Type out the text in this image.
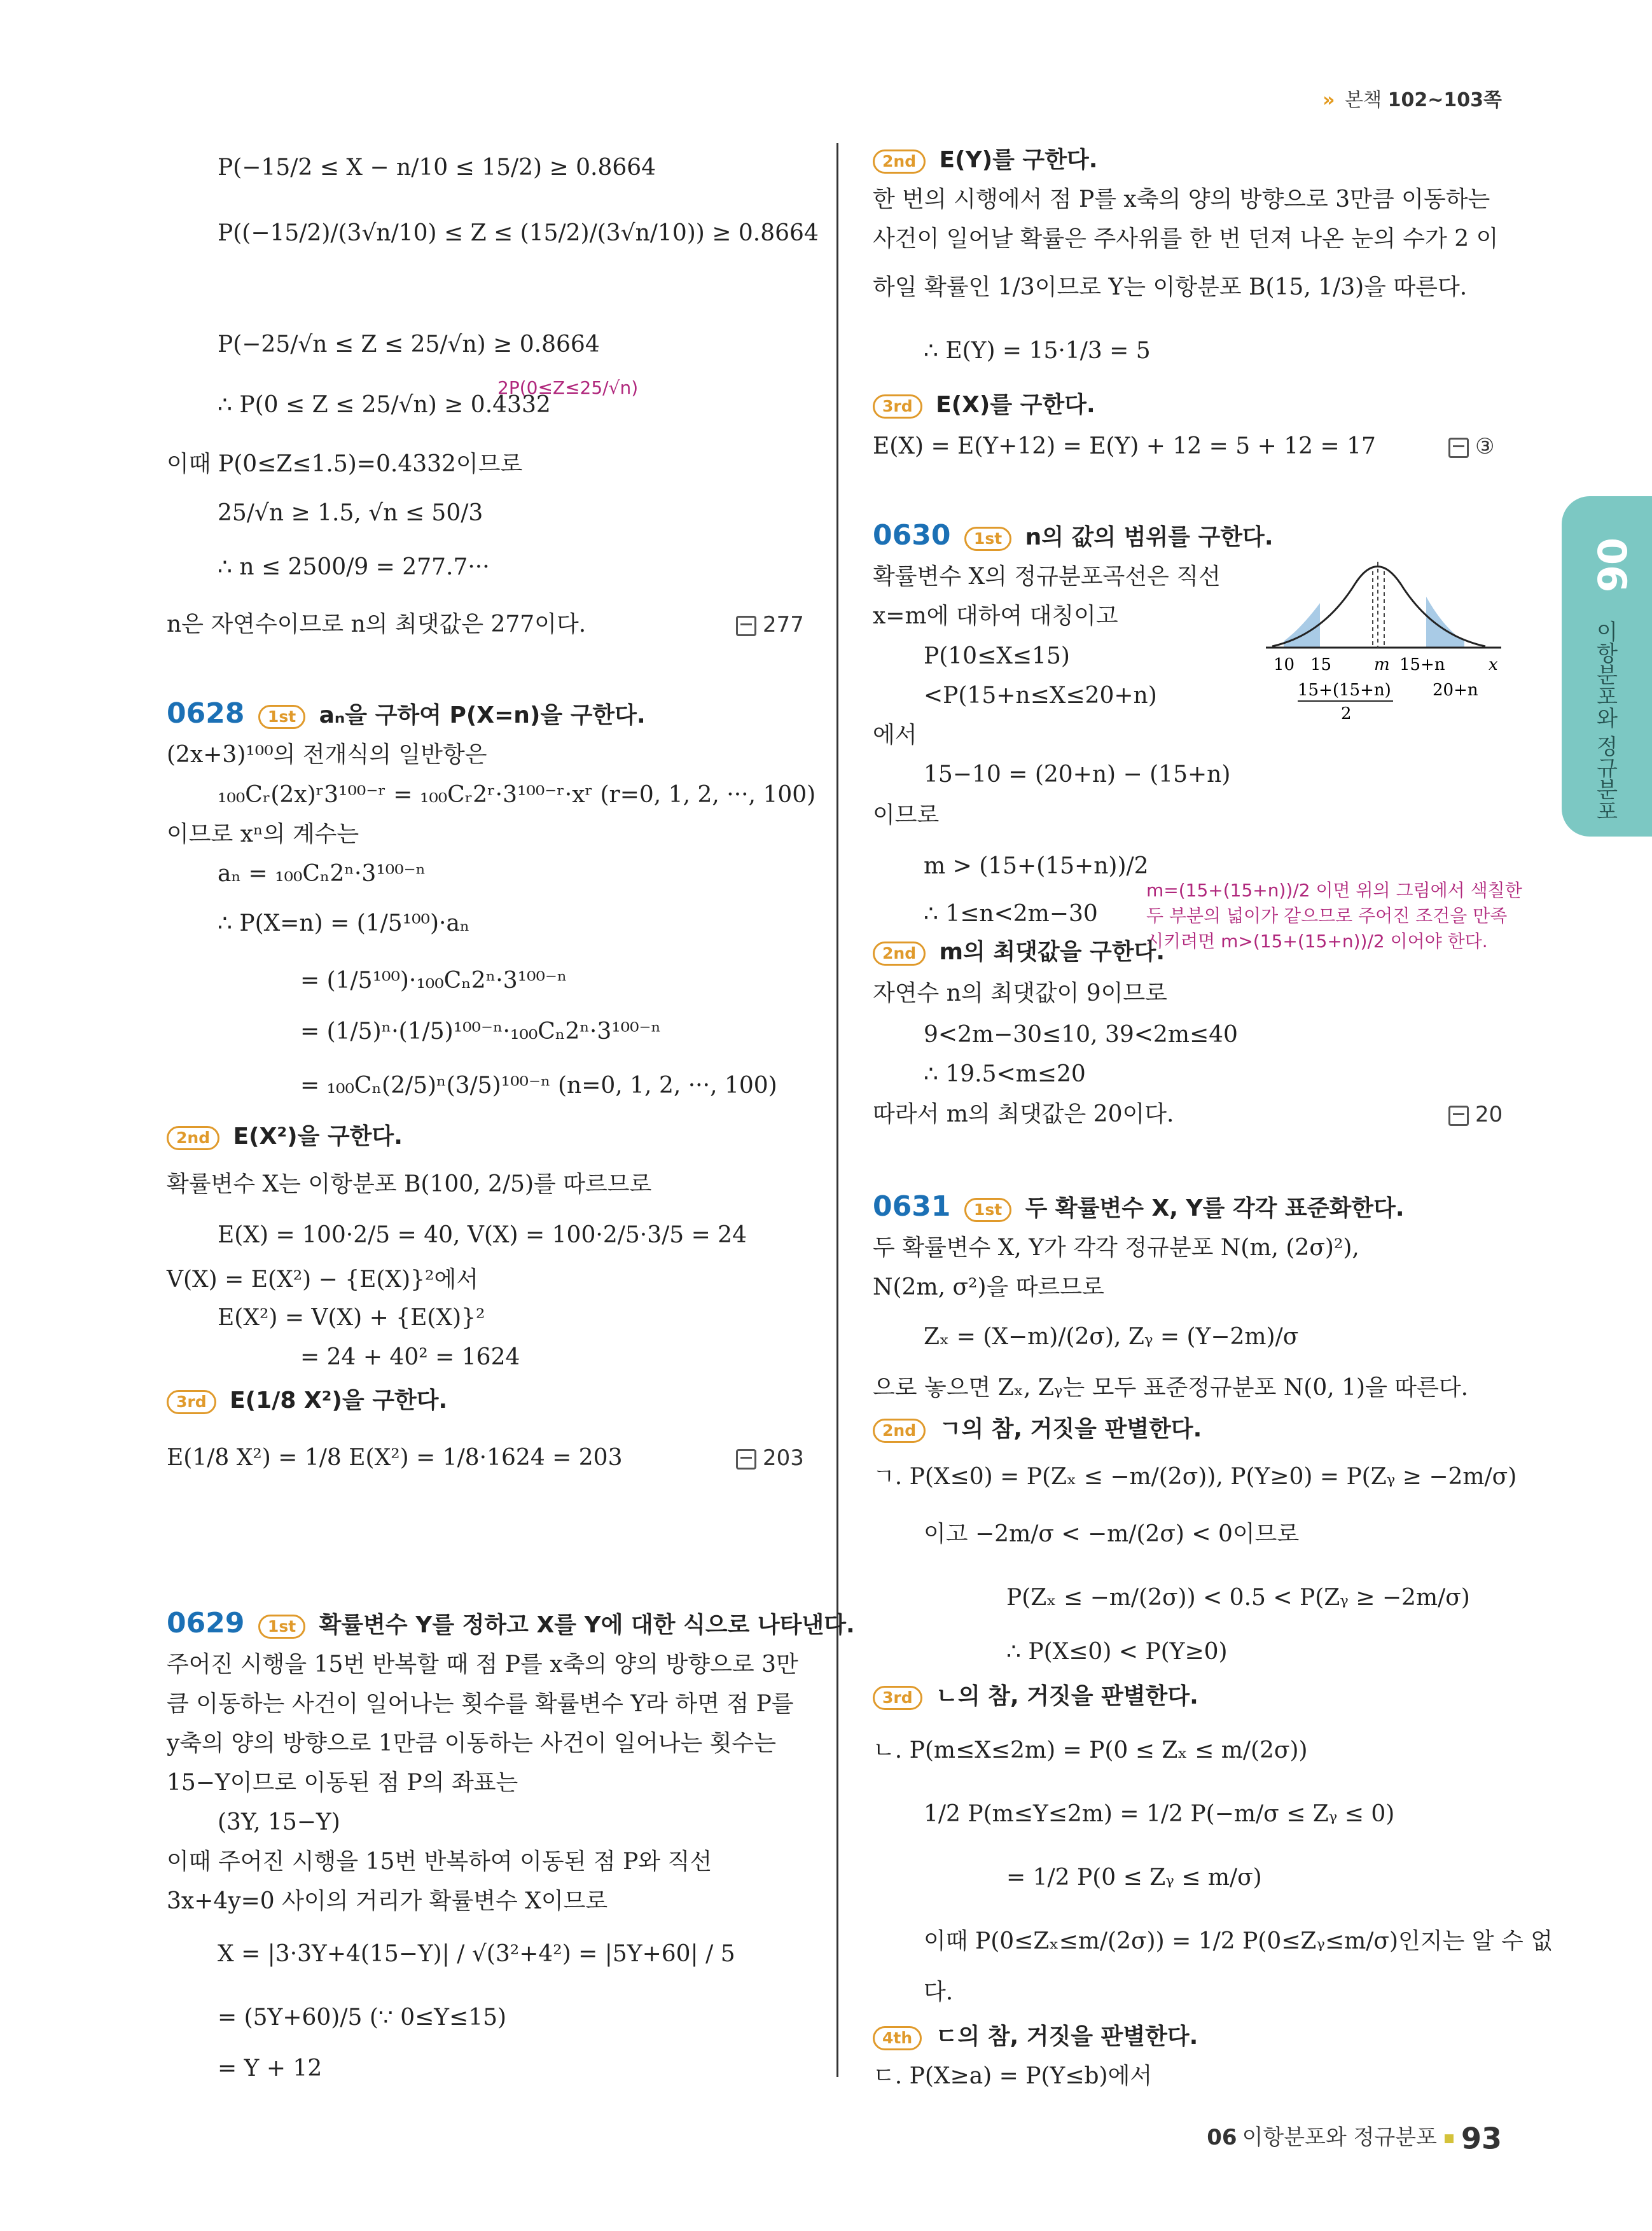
» 본책 102~103쪽
06
이항분포와 정규분포
P(−15/2 ≤ X − n/10 ≤ 15/2) ≥ 0.8664
P((−15/2)/(3√n/10) ≤ Z ≤ (15/2)/(3√n/10)) ≥ 0.8664
P(−25/√n ≤ Z ≤ 25/√n) ≥ 0.8664
∴ P(0 ≤ Z ≤ 25/√n) ≥ 0.4332
2P(0≤Z≤25/√n)
이때 P(0≤Z≤1.5)=0.4332이므로
25/√n ≥ 1.5, √n ≤ 50/3
∴ n ≤ 2500/9 = 277.7···
n은 자연수이므로 n의 최댓값은 277이다.	277
0628 1st aₙ을 구하여 P(X=n)을 구한다.
(2x+3)¹⁰⁰의 전개식의 일반항은
₁₀₀Cᵣ(2x)ʳ3¹⁰⁰⁻ʳ = ₁₀₀Cᵣ2ʳ·3¹⁰⁰⁻ʳ·xʳ (r=0, 1, 2, ···, 100)
이므로 xⁿ의 계수는
aₙ = ₁₀₀Cₙ2ⁿ·3¹⁰⁰⁻ⁿ
∴ P(X=n) = (1/5¹⁰⁰)·aₙ
= (1/5¹⁰⁰)·₁₀₀Cₙ2ⁿ·3¹⁰⁰⁻ⁿ
= (1/5)ⁿ·(1/5)¹⁰⁰⁻ⁿ·₁₀₀Cₙ2ⁿ·3¹⁰⁰⁻ⁿ
= ₁₀₀Cₙ(2/5)ⁿ(3/5)¹⁰⁰⁻ⁿ (n=0, 1, 2, ···, 100)
2nd E(X²)을 구한다.
확률변수 X는 이항분포 B(100, 2/5)를 따르므로
E(X) = 100·2/5 = 40, V(X) = 100·2/5·3/5 = 24
V(X) = E(X²) − {E(X)}²에서
E(X²) = V(X) + {E(X)}²
= 24 + 40² = 1624
3rd E(1/8 X²)을 구한다.
E(1/8 X²) = 1/8 E(X²) = 1/8·1624 = 203	203
0629 1st 확률변수 Y를 정하고 X를 Y에 대한 식으로 나타낸다.
주어진 시행을 15번 반복할 때 점 P를 x축의 양의 방향으로 3만
큼 이동하는 사건이 일어나는 횟수를 확률변수 Y라 하면 점 P를
y축의 양의 방향으로 1만큼 이동하는 사건이 일어나는 횟수는
15−Y이므로 이동된 점 P의 좌표는
(3Y, 15−Y)
이때 주어진 시행을 15번 반복하여 이동된 점 P와 직선
3x+4y=0 사이의 거리가 확률변수 X이므로
X = |3·3Y+4(15−Y)| / √(3²+4²) = |5Y+60| / 5
= (5Y+60)/5 (∵ 0≤Y≤15)
= Y + 12
2nd E(Y)를 구한다.
한 번의 시행에서 점 P를 x축의 양의 방향으로 3만큼 이동하는
사건이 일어날 확률은 주사위를 한 번 던져 나온 눈의 수가 2 이
하일 확률인 1/3이므로 Y는 이항분포 B(15, 1/3)을 따른다.
∴ E(Y) = 15·1/3 = 5
3rd E(X)를 구한다.
E(X) = E(Y+12) = E(Y) + 12 = 5 + 12 = 17	③
0630 1st n의 값의 범위를 구한다.
확률변수 X의 정규분포곡선은 직선
x=m에 대하여 대칭이고
P(10≤X≤15)
<P(15+n≤X≤20+n)
에서
15−10 = (20+n) − (15+n)
이므로
m > (15+(15+n))/2
∴ 1≤n<2m−30
m=(15+(15+n))/2 이면 위의 그림에서 색칠한
두 부분의 넓이가 같으므로 주어진 조건을 만족
시키려면 m>(15+(15+n))/2 이어야 한다.
2nd m의 최댓값을 구한다.
자연수 n의 최댓값이 9이므로
9<2m−30≤10, 39<2m≤40
∴ 19.5<m≤20
따라서 m의 최댓값은 20이다.	20
0631 1st 두 확률변수 X, Y를 각각 표준화한다.
두 확률변수 X, Y가 각각 정규분포 N(m, (2σ)²),
N(2m, σ²)을 따르므로
Zₓ = (X−m)/(2σ), Zᵧ = (Y−2m)/σ
으로 놓으면 Zₓ, Zᵧ는 모두 표준정규분포 N(0, 1)을 따른다.
2nd ㄱ의 참, 거짓을 판별한다.
ㄱ. P(X≤0) = P(Zₓ ≤ −m/(2σ)), P(Y≥0) = P(Zᵧ ≥ −2m/σ)
이고 −2m/σ < −m/(2σ) < 0이므로
P(Zₓ ≤ −m/(2σ)) < 0.5 < P(Zᵧ ≥ −2m/σ)
∴ P(X≤0) < P(Y≥0)
3rd ㄴ의 참, 거짓을 판별한다.
ㄴ. P(m≤X≤2m) = P(0 ≤ Zₓ ≤ m/(2σ))
1/2 P(m≤Y≤2m) = 1/2 P(−m/σ ≤ Zᵧ ≤ 0)
= 1/2 P(0 ≤ Zᵧ ≤ m/σ)
이때 P(0≤Zₓ≤m/(2σ)) = 1/2 P(0≤Zᵧ≤m/σ)인지는 알 수 없
다.
4th ㄷ의 참, 거짓을 판별한다.
ㄷ. P(X≥a) = P(Y≤b)에서
10 15	m 15+n	x
15+(15+n)
2
20+n
06 이항분포와 정규분포 93
